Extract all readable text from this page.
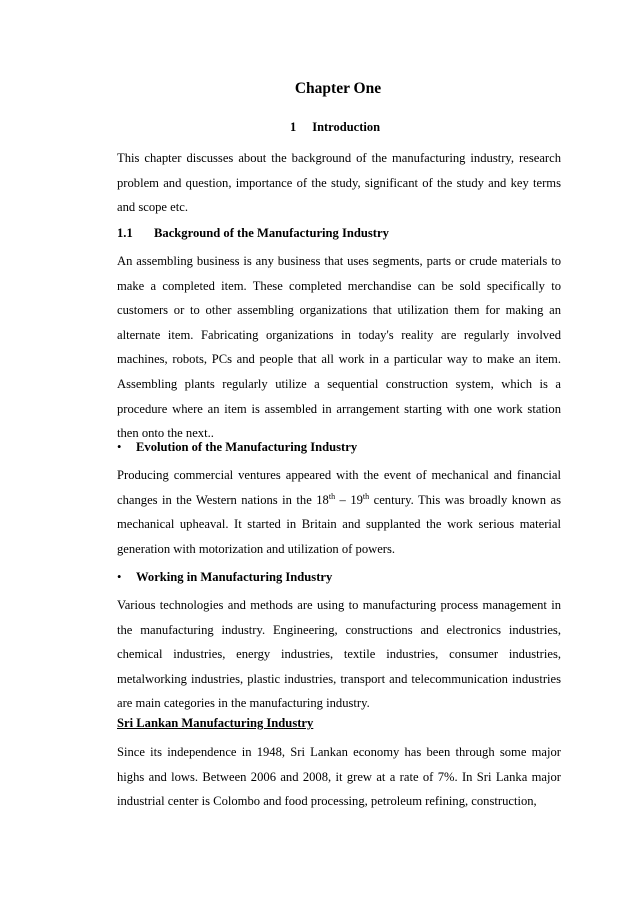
Chapter One
1 Introduction
This chapter discusses about the background of the manufacturing industry, research problem and question, importance of the study, significant of the study and key terms and scope etc.
1.1 Background of the Manufacturing Industry
An assembling business is any business that uses segments, parts or crude materials to make a completed item. These completed merchandise can be sold specifically to customers or to other assembling organizations that utilization them for making an alternate item. Fabricating organizations in today's reality are regularly involved machines, robots, PCs and people that all work in a particular way to make an item. Assembling plants regularly utilize a sequential construction system, which is a procedure where an item is assembled in arrangement starting with one work station then onto the next..
• Evolution of the Manufacturing Industry
Producing commercial ventures appeared with the event of mechanical and financial changes in the Western nations in the 18th – 19th century. This was broadly known as mechanical upheaval. It started in Britain and supplanted the work serious material generation with motorization and utilization of powers.
• Working in Manufacturing Industry
Various technologies and methods are using to manufacturing process management in the manufacturing industry. Engineering, constructions and electronics industries, chemical industries, energy industries, textile industries, consumer industries, metalworking industries, plastic industries, transport and telecommunication industries are main categories in the manufacturing industry.
Sri Lankan Manufacturing Industry
Since its independence in 1948, Sri Lankan economy has been through some major highs and lows. Between 2006 and 2008, it grew at a rate of 7%. In Sri Lanka major industrial center is Colombo and food processing, petroleum refining, construction,
